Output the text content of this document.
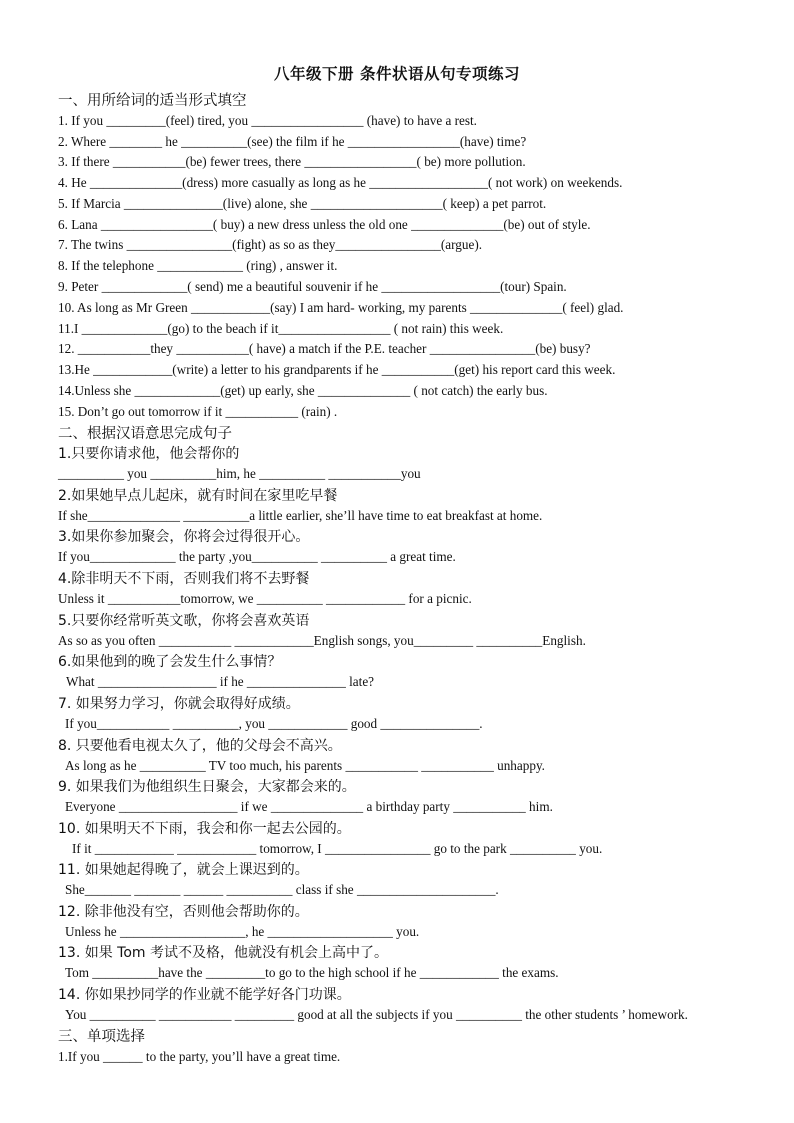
八年级下册 条件状语从句专项练习
一、用所给词的适当形式填空
1. If you _________(feel) tired, you _________________ (have) to have a rest.
2. Where ________ he __________(see) the film if he _________________(have) time?
3. If there ___________(be) fewer trees, there _________________( be) more pollution.
4. He ______________(dress) more casually as long as he __________________( not work) on weekends.
5. If Marcia _______________(live) alone, she ____________________( keep) a pet parrot.
6. Lana _________________( buy) a new dress unless the old one ______________(be) out of style.
7. The twins ________________(fight) as so as they________________(argue).
8. If the telephone _____________ (ring) , answer it.
9. Peter _____________( send) me a beautiful souvenir if he __________________(tour) Spain.
10. As long as Mr Green ____________(say) I am hard- working, my parents ______________( feel) glad.
11.I _____________(go) to the beach if it_________________ ( not rain) this week.
12. ___________they ___________( have) a match if the P.E. teacher ________________(be) busy?
13.He ____________(write) a letter to his grandparents if he ___________(get) his report card this week.
14.Unless she _____________(get) up early, she ______________ ( not catch) the early bus.
15. Don’t go out tomorrow if it ___________ (rain) .
二、根据汉语意思完成句子
1.只要你请求他，他会帮你的
__________ you __________him, he __________ ___________you
2.如果她早点儿起床，就有时间在家里吃早餐
If she______________ __________a little earlier, she’ll have time to eat breakfast at home.
3.如果你参加聚会，你将会过得很开心。
If you_____________ the party ,you__________ __________ a great time.
4.除非明天不下雨，否则我们将不去野餐
Unless it ___________tomorrow, we __________ ____________ for a picnic.
5.只要你经常听英文歌，你将会喜欢英语
As so as you often ___________ ____________English songs, you_________ __________English.
6.如果他到的晚了会发生什么事情？
What __________________ if he _______________ late?
7. 如果努力学习，你就会取得好成绩。
If you___________ __________, you ____________ good _______________.
8. 只要他看电视太久了，他的父母会不高兴。
As long as he __________ TV too much, his parents ___________ ___________ unhappy.
9. 如果我们为他组织生日聚会，大家都会来的。
Everyone __________________ if we ______________ a birthday party ___________ him.
10. 如果明天不下雨，我会和你一起去公园的。
If it ____________ ____________ tomorrow, I ________________ go to the park __________ you.
11. 如果她起得晚了，就会上课迟到的。
She_______ _______ ______ __________ class if she _____________________.
12. 除非他没有空，否则他会帮助你的。
Unless he ___________________, he ___________________ you.
13. 如果 Tom 考试不及格，他就没有机会上高中了。
Tom __________have the _________to go to the high school if he ____________ the exams.
14. 你如果抄同学的作业就不能学好各门功课。
You __________ ___________ _________ good at all the subjects if you __________ the other students ’ homework.
三、单项选择
1.If you ______ to the party, you’ll have a great time.
